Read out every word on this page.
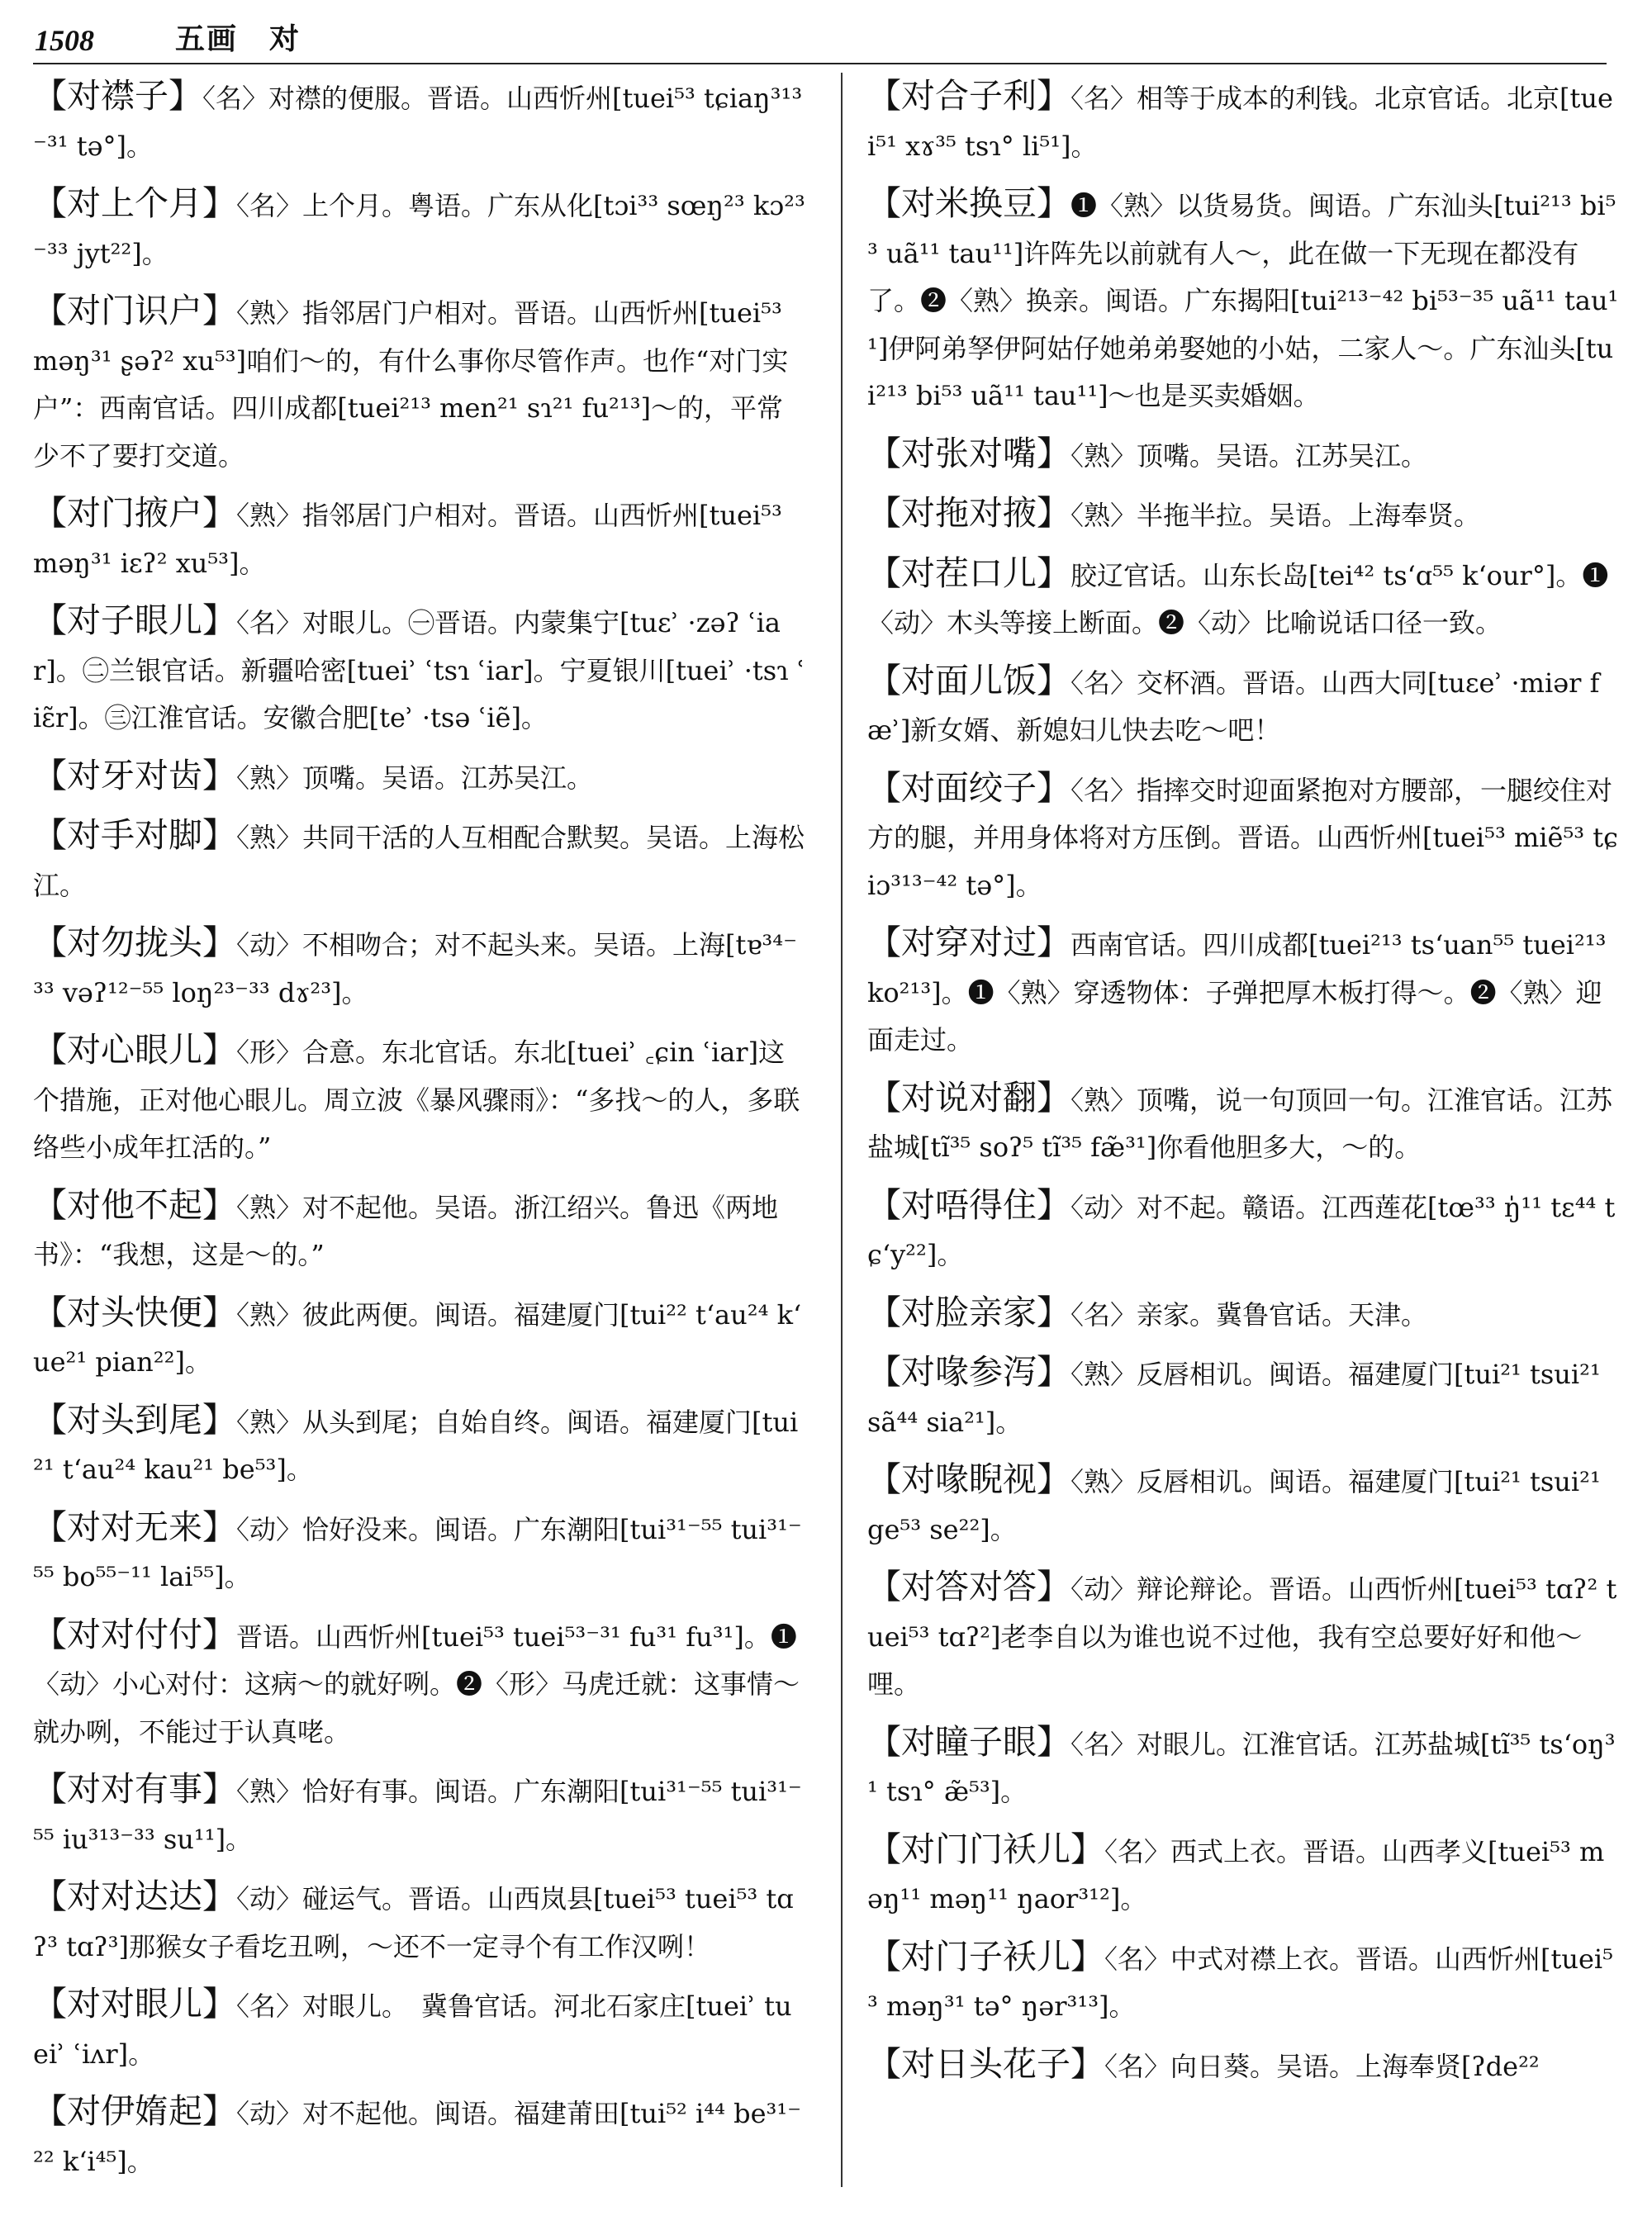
1508	五画　对
【对襟子】〈名〉对襟的便服。晋语。山西忻州[tuei⁵³ tɕiaŋ³¹³⁻³¹ tə°]。
【对上个月】〈名〉上个月。粤语。广东从化[tɔi³³ sœŋ²³ kɔ²³⁻³³ jyt²²]。
【对门识户】〈熟〉指邻居门户相对。晋语。山西忻州[tuei⁵³ məŋ³¹ ʂəʔ² xu⁵³]咱们～的，有什么事你尽管作声。也作“对门实户”：西南官话。四川成都[tuei²¹³ men²¹ sɿ²¹ fu²¹³]～的，平常少不了要打交道。
【对门掖户】〈熟〉指邻居门户相对。晋语。山西忻州[tuei⁵³ məŋ³¹ iɛʔ² xu⁵³]。
【对子眼儿】〈名〉对眼儿。㊀晋语。内蒙集宁[tuɛʾ ·zəʔ ʿiar]。㊁兰银官话。新疆哈密[tueiʾ ʿtsɿ ʿiar]。宁夏银川[tueiʾ ·tsɿ ʿiɛ̃r]。㊂江淮官话。安徽合肥[teʾ ·tsə ʿiẽ]。
【对牙对齿】〈熟〉顶嘴。吴语。江苏吴江。
【对手对脚】〈熟〉共同干活的人互相配合默契。吴语。上海松江。
【对勿拢头】〈动〉不相吻合；对不起头来。吴语。上海[tɐ³⁴⁻³³ vəʔ¹²⁻⁵⁵ loŋ²³⁻³³ dɤ²³]。
【对心眼儿】〈形〉合意。东北官话。东北[tueiʾ ꜀ɕin ʿiar]这个措施，正对他心眼儿。周立波《暴风骤雨》：“多找～的人，多联络些小成年扛活的。”
【对他不起】〈熟〉对不起他。吴语。浙江绍兴。鲁迅《两地书》：“我想，这是～的。”
【对头快便】〈熟〉彼此两便。闽语。福建厦门[tui²² tʻau²⁴ kʻue²¹ pian²²]。
【对头到尾】〈熟〉从头到尾；自始自终。闽语。福建厦门[tui²¹ tʻau²⁴ kau²¹ be⁵³]。
【对对无来】〈动〉恰好没来。闽语。广东潮阳[tui³¹⁻⁵⁵ tui³¹⁻⁵⁵ bo⁵⁵⁻¹¹ lai⁵⁵]。
【对对付付】晋语。山西忻州[tuei⁵³ tuei⁵³⁻³¹ fu³¹ fu³¹]。❶〈动〉小心对付：这病～的就好咧。❷〈形〉马虎迁就：这事情～就办咧，不能过于认真咾。
【对对有事】〈熟〉恰好有事。闽语。广东潮阳[tui³¹⁻⁵⁵ tui³¹⁻⁵⁵ iu³¹³⁻³³ su¹¹]。
【对对达达】〈动〉碰运气。晋语。山西岚县[tuei⁵³ tuei⁵³ tɑʔ³ tɑʔ³]那猴女子看圪丑咧，～还不一定寻个有工作汉咧！
【对对眼儿】〈名〉对眼儿。　冀鲁官话。河北石家庄[tueiʾ tueiʾ ʿiʌr]。
【对伊媠起】〈动〉对不起他。闽语。福建莆田[tui⁵² i⁴⁴ be³¹⁻²² kʻi⁴⁵]。
【对合子利】〈名〉相等于成本的利钱。北京官话。北京[tuei⁵¹ xɤ³⁵ tsɿ° li⁵¹]。
【对米换豆】❶〈熟〉以货易货。闽语。广东汕头[tui²¹³ bi⁵³ uã¹¹ tau¹¹]许阵先以前就有人～，此在做一下无现在都没有了。❷〈熟〉换亲。闽语。广东揭阳[tui²¹³⁻⁴² bi⁵³⁻³⁵ uã¹¹ tau¹¹]伊阿弟孥伊阿姑仔她弟弟娶她的小姑，二家人～。广东汕头[tui²¹³ bi⁵³ uã¹¹ tau¹¹]～也是买卖婚姻。
【对张对嘴】〈熟〉顶嘴。吴语。江苏吴江。
【对拖对掖】〈熟〉半拖半拉。吴语。上海奉贤。
【对茬口儿】胶辽官话。山东长岛[tei⁴² tsʻɑ⁵⁵ kʻour°]。❶〈动〉木头等接上断面。❷〈动〉比喻说话口径一致。
【对面儿饭】〈名〉交杯酒。晋语。山西大同[tuɛeʾ ·miər fæʾ]新女婿、新媳妇儿快去吃～吧！
【对面绞子】〈名〉指摔交时迎面紧抱对方腰部，一腿绞住对方的腿，并用身体将对方压倒。晋语。山西忻州[tuei⁵³ miẽ⁵³ tɕiɔ³¹³⁻⁴² tə°]。
【对穿对过】西南官话。四川成都[tuei²¹³ tsʻuan⁵⁵ tuei²¹³ ko²¹³]。❶〈熟〉穿透物体：子弹把厚木板打得～。❷〈熟〉迎面走过。
【对说对翻】〈熟〉顶嘴，说一句顶回一句。江淮官话。江苏盐城[tĩ³⁵ soʔ⁵ tĩ³⁵ fæ̃³¹]你看他胆多大，～的。
【对唔得住】〈动〉对不起。赣语。江西莲花[tœ³³ ŋ̍¹¹ tɛ⁴⁴ tɕʻy²²]。
【对脸亲家】〈名〉亲家。冀鲁官话。天津。
【对喙参泻】〈熟〉反唇相讥。闽语。福建厦门[tui²¹ tsui²¹ sã⁴⁴ sia²¹]。
【对喙睨视】〈熟〉反唇相讥。闽语。福建厦门[tui²¹ tsui²¹ ge⁵³ se²²]。
【对答对答】〈动〉辩论辩论。晋语。山西忻州[tuei⁵³ tɑʔ² tuei⁵³ tɑʔ²]老李自以为谁也说不过他，我有空总要好好和他～哩。
【对瞳子眼】〈名〉对眼儿。江淮官话。江苏盐城[tĩ³⁵ tsʻoŋ³¹ tsɿ° æ̃⁵³]。
【对门门袄儿】〈名〉西式上衣。晋语。山西孝义[tuei⁵³ məŋ¹¹ məŋ¹¹ ŋaor³¹²]。
【对门子袄儿】〈名〉中式对襟上衣。晋语。山西忻州[tuei⁵³ məŋ³¹ tə° ŋər³¹³]。
【对日头花子】〈名〉向日葵。吴语。上海奉贤[ʔde²²
